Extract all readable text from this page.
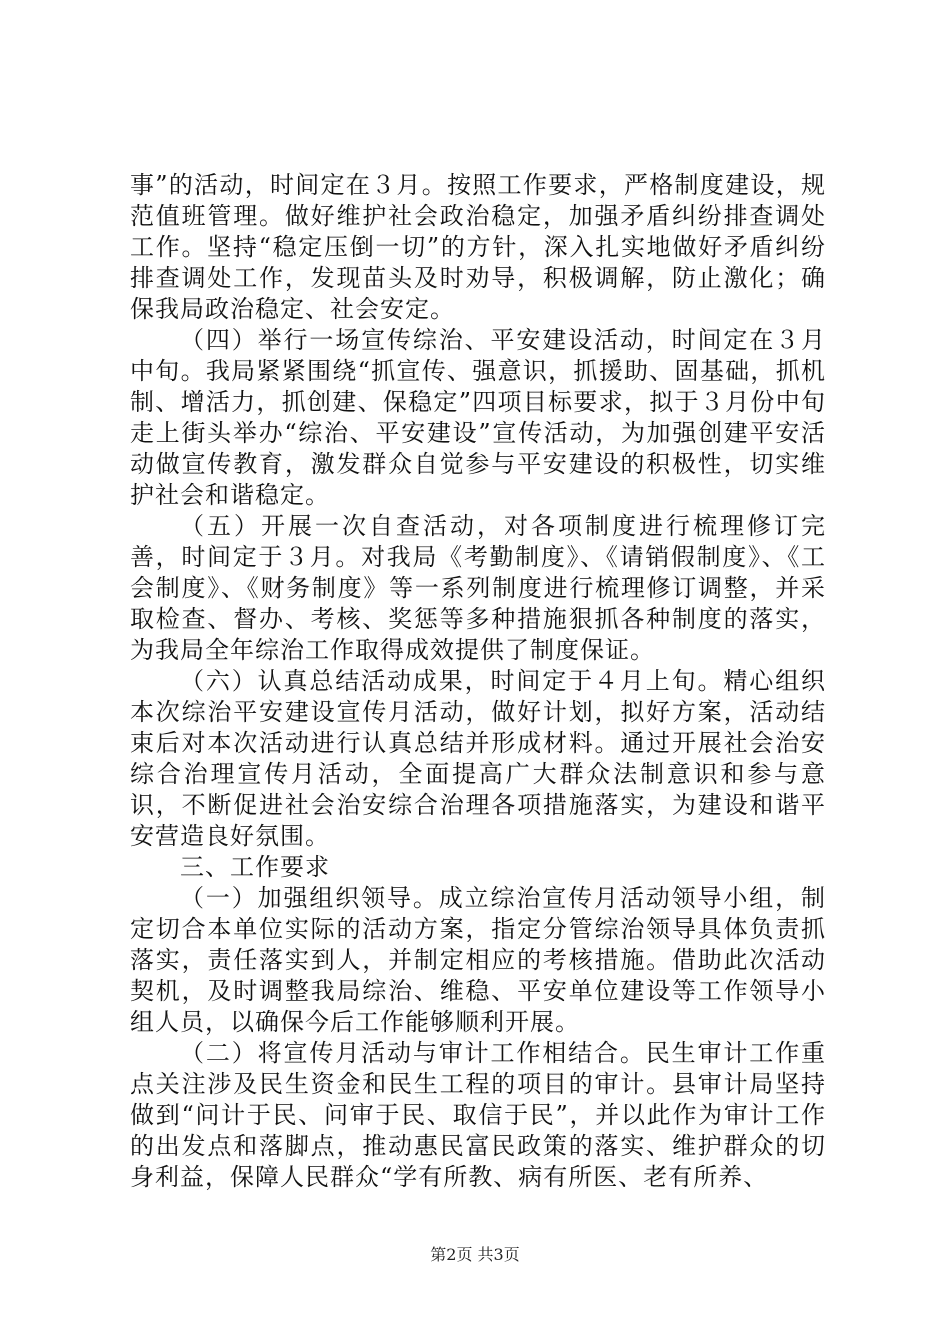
事”的活动，时间定在３月。按照工作要求，严格制度建设，规范值班管理。做好维护社会政治稳定，加强矛盾纠纷排查调处工作。坚持“稳定压倒一切”的方针，深入扎实地做好矛盾纠纷排查调处工作，发现苗头及时劝导，积极调解，防止激化；确保我局政治稳定、社会安定。

（四）举行一场宣传综治、平安建设活动，时间定在３月中旬。我局紧紧围绕“抓宣传、强意识，抓援助、固基础，抓机制、增活力，抓创建、保稳定”四项目标要求，拟于３月份中旬走上街头举办“综治、平安建设”宣传活动，为加强创建平安活动做宣传教育，激发群众自觉参与平安建设的积极性，切实维护社会和谐稳定。

（五）开展一次自查活动，对各项制度进行梳理修订完善，时间定于３月。对我局《考勤制度》、《请销假制度》、《工会制度》、《财务制度》等一系列制度进行梳理修订调整，并采取检查、督办、考核、奖惩等多种措施狠抓各种制度的落实，为我局全年综治工作取得成效提供了制度保证。

（六）认真总结活动成果，时间定于４月上旬。精心组织本次综治平安建设宣传月活动，做好计划，拟好方案，活动结束后对本次活动进行认真总结并形成材料。通过开展社会治安综合治理宣传月活动，全面提高广大群众法制意识和参与意识，不断促进社会治安综合治理各项措施落实，为建设和谐平安营造良好氛围。

三、工作要求

（一）加强组织领导。成立综治宣传月活动领导小组，制定切合本单位实际的活动方案，指定分管综治领导具体负责抓落实，责任落实到人，并制定相应的考核措施。借助此次活动契机，及时调整我局综治、维稳、平安单位建设等工作领导小组人员，以确保今后工作能够顺利开展。

（二）将宣传月活动与审计工作相结合。民生审计工作重点关注涉及民生资金和民生工程的项目的审计。县审计局坚持做到“问计于民、问审于民、取信于民”，并以此作为审计工作的出发点和落脚点，推动惠民富民政策的落实、维护群众的切身利益，保障人民群众“学有所教、病有所医、老有所养、

第2页 共3页
